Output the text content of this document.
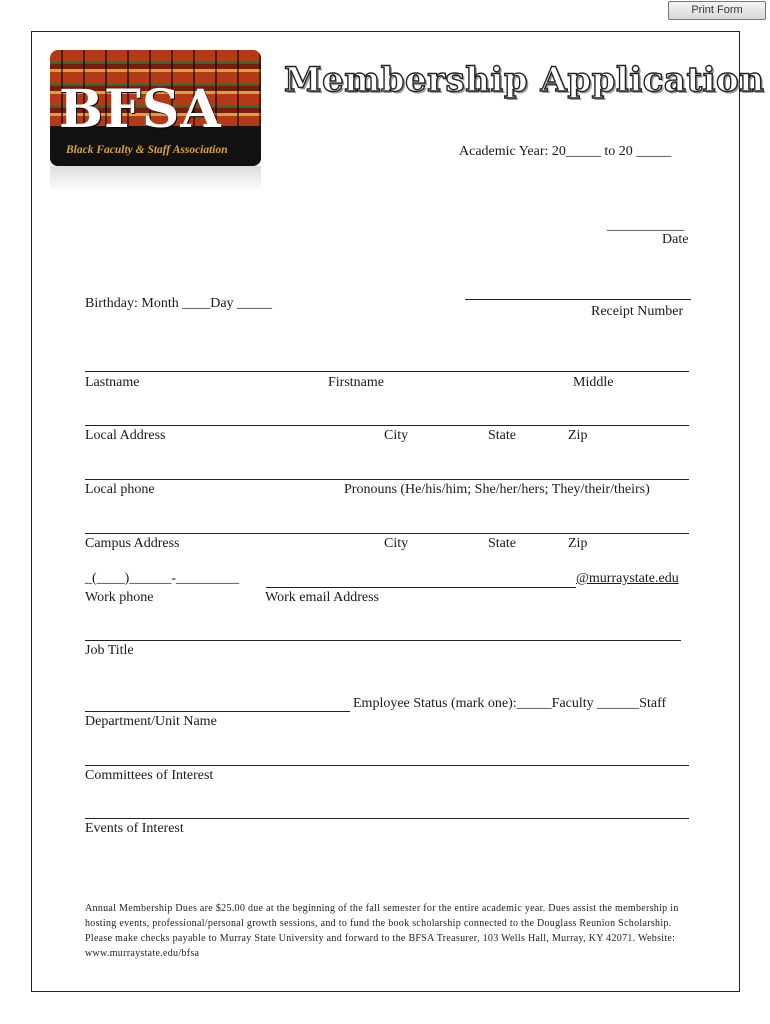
Print Form
BFSA
Black Faculty & Staff Association
Membership Application
Academic Year: 20_____ to 20 _____
___________
Date
Birthday: Month ____Day _____
Receipt Number
Lastname	Firstname	Middle
Local Address	City	State	Zip
Local phone	Pronouns (He/his/him; She/her/hers; They/their/theirs)
Campus Address	City	State	Zip
_(____)______-_________	@murraystate.edu
Work phone	Work email Address
Job Title
Employee Status (mark one):_____Faculty ______Staff
Department/Unit Name
Committees of Interest
Events of Interest
Annual Membership Dues are $25.00 due at the beginning of the fall semester for the entire academic year. Dues assist the membership in hosting events, professional/personal growth sessions, and to fund the book scholarship connected to the Douglass Reunion Scholarship. Please make checks payable to Murray State University and forward to the BFSA Treasurer, 103 Wells Hall, Murray, KY 42071. Website: www.murraystate.edu/bfsa
